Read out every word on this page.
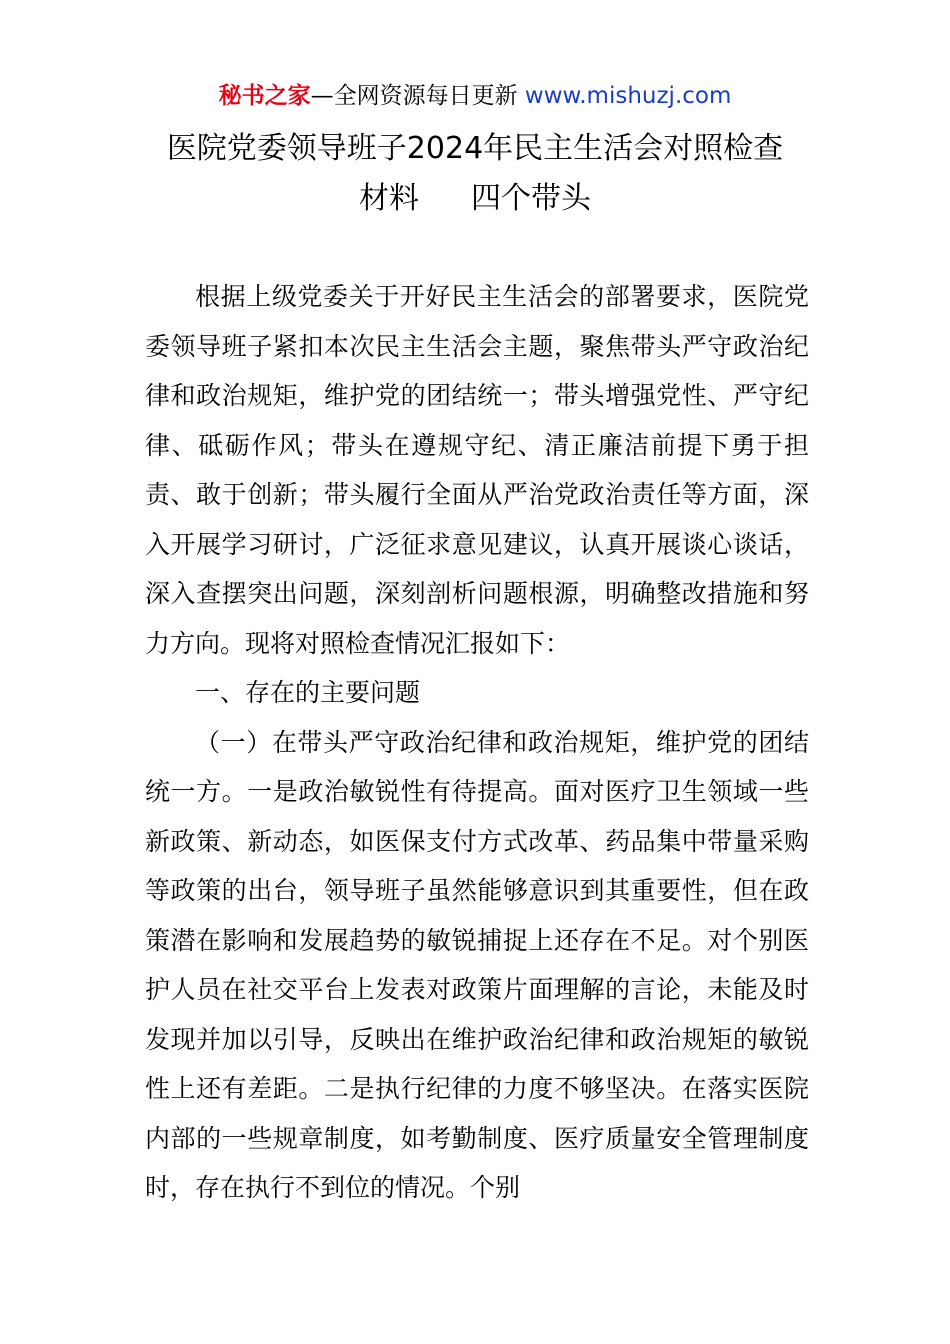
秘书之家—全网资源每日更新 www.mishuzj.com
医院党委领导班子2024年民主生活会对照检查
材料 四个带头

根据上级党委关于开好民主生活会的部署要求，医院党委领导班子紧扣本次民主生活会主题，聚焦带头严守政治纪律和政治规矩，维护党的团结统一；带头增强党性、严守纪律、砥砺作风；带头在遵规守纪、清正廉洁前提下勇于担责、敢于创新；带头履行全面从严治党政治责任等方面，深入开展学习研讨，广泛征求意见建议，认真开展谈心谈话，深入查摆突出问题，深刻剖析问题根源，明确整改措施和努力方向。现将对照检查情况汇报如下：

一、存在的主要问题

（一）在带头严守政治纪律和政治规矩，维护党的团结统一方。一是政治敏锐性有待提高。面对医疗卫生领域一些新政策、新动态，如医保支付方式改革、药品集中带量采购等政策的出台，领导班子虽然能够意识到其重要性，但在政策潜在影响和发展趋势的敏锐捕捉上还存在不足。对个别医护人员在社交平台上发表对政策片面理解的言论，未能及时发现并加以引导，反映出在维护政治纪律和政治规矩的敏锐性上还有差距。二是执行纪律的力度不够坚决。在落实医院内部的一些规章制度，如考勤制度、医疗质量安全管理制度时，存在执行不到位的情况。个别
